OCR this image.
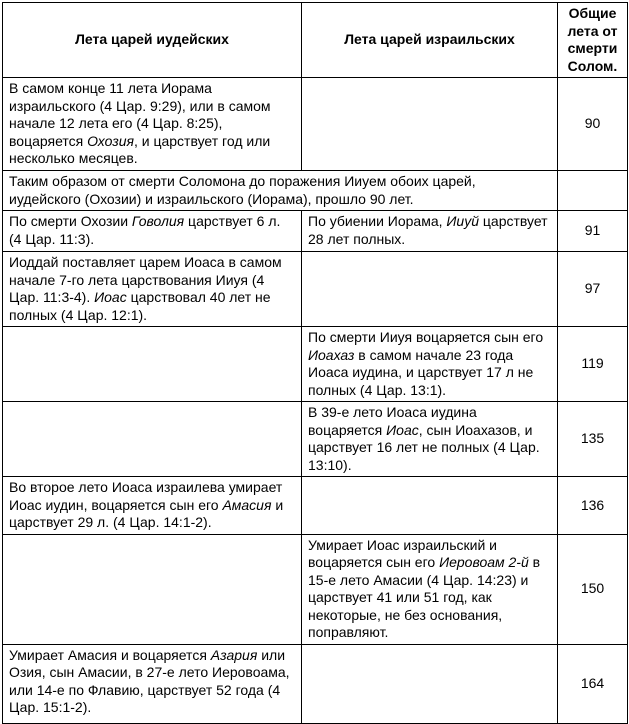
Лета царей иудейских	Лета царей израильских	Общие лета от смерти Солом.
В самом конце 11 лета Иорама израильского (4 Цар. 9:29), или в самом начале 12 лета его (4 Цар. 8:25), воцаряется Охозия, и царствует год или несколько месяцев.		90
Таким образом от смерти Соломона до поражения Ииуем обоих царей, иудейского (Охозии) и израильского (Иорама), прошло 90 лет.		
По смерти Охозии Говолия царствует 6 л. (4 Цар. 11:3).	По убиении Иорама, Ииуй царствует 28 лет полных.	91
Иоддай поставляет царем Иоаса в самом начале 7-го лета царствования Ииуя (4 Цар. 11:3-4). Иоас царствовал 40 лет не полных (4 Цар. 12:1).		97
	По смерти Ииуя воцаряется сын его Иоахаз в самом начале 23 года Иоаса иудина, и царствует 17 л не полных (4 Цар. 13:1).	119
	В 39-е лето Иоаса иудина воцаряется Иоас, сын Иоахазов, и царствует 16 лет не полных (4 Цар. 13:10).	135
Во второе лето Иоаса израилева умирает Иоас иудин, воцаряется сын его Амасия и царствует 29 л. (4 Цар. 14:1-2).		136
	Умирает Иоас израильский и воцаряется сын его Иеровоам 2-й в 15-е лето Амасии (4 Цар. 14:23) и царствует 41 или 51 год, как некоторые, не без основания, поправляют.	150
Умирает Амасия и воцаряется Азария или Озия, сын Амасии, в 27-е лето Иеровоама, или 14-е по Флавию, царствует 52 года (4 Цар. 15:1-2).		164
